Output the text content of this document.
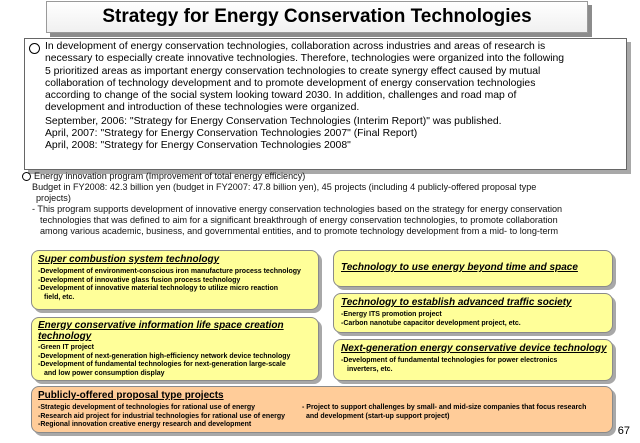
Strategy for Energy Conservation Technologies
In development of energy conservation technologies, collaboration across industries and areas of research is
necessary to especially create innovative technologies. Therefore, technologies were organized into the following
5 prioritized areas as important energy conservation technologies to create synergy effect caused by mutual
collaboration of technology development and to promote development of energy conservation technologies
according to change of the social system looking toward 2030. In addition, challenges and road map of
development and introduction of these technologies were organized.
September, 2006: "Strategy for Energy Conservation Technologies (Interim Report)" was published.
April, 2007: "Strategy for Energy Conservation Technologies 2007" (Final Report)
April, 2008: "Strategy for Energy Conservation Technologies 2008"
Energy innovation program (Improvement of total energy efficiency)
Budget in FY2008: 42.3 billion yen (budget in FY2007: 47.8 billion yen), 45 projects (including 4 publicly-offered proposal type
projects)
- This program supports development of innovative energy conservation technologies based on the strategy for energy conservation
technologies that was defined to aim for a significant breakthrough of energy conservation technologies, to promote collaboration
among various academic, business, and governmental entities, and to promote technology development from a mid- to long-term
Super combustion system technology
-Development of environment-conscious iron manufacture process technology
-Development of innovative glass fusion process technology
-Development of innovative material technology to utilize micro reaction
field, etc.
Energy conservative information life space creation
technology
-Green IT project
-Development of next-generation high-efficiency network device technology
-Development of fundamental technologies for next-generation large-scale
and low power consumption display
Technology to use energy beyond time and space
Technology to establish advanced traffic society
-Energy ITS promotion project
-Carbon nanotube capacitor development project, etc.
Next-generation energy conservative device technology
-Development of fundamental technologies for power electronics
inverters, etc.
Publicly-offered proposal type projects
-Strategic development of technologies for rational use of energy
-Research aid project for industrial technologies for rational use of energy
-Regional innovation creative energy research and development
- Project to support challenges by small- and mid-size companies that focus research
and development (start-up support project)
67
